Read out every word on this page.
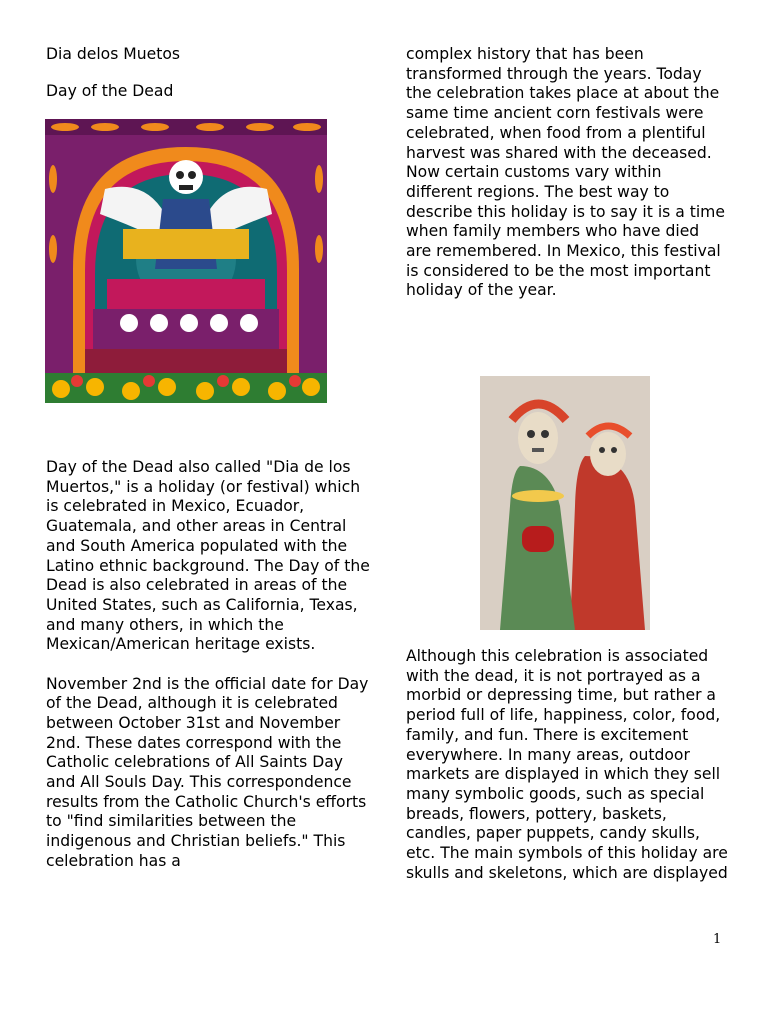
Dia delos Muetos
Day of the Dead

Day of the Dead also called "Dia de los Muertos," is a holiday (or festival) which is celebrated in Mexico, Ecuador, Guatemala, and other areas in Central and South America populated with the Latino ethnic background. The Day of the Dead is also celebrated in areas of the United States, such as California, Texas, and many others, in which the Mexican/American heritage exists.

November 2nd is the official date for Day of the Dead, although it is celebrated between October 31st and November 2nd. These dates correspond with the Catholic celebrations of All Saints Day and All Souls Day. This correspondence results from the Catholic Church's efforts to "find similarities between the indigenous and Christian beliefs." This celebration has a

complex history that has been transformed through the years. Today the celebration takes place at about the same time ancient corn festivals were celebrated, when food from a plentiful harvest was shared with the deceased. Now certain customs vary within different regions. The best way to describe this holiday is to say it is a time when family members who have died are remembered. In Mexico, this festival is considered to be the most important holiday of the year.

Although this celebration is associated with the dead, it is not portrayed as a morbid or depressing time, but rather a period full of life, happiness, color, food, family, and fun. There is excitement everywhere. In many areas, outdoor markets are displayed in which they sell many symbolic goods, such as special breads, flowers, pottery, baskets, candles, paper puppets, candy skulls, etc. The main symbols of this holiday are skulls and skeletons, which are displayed

1
